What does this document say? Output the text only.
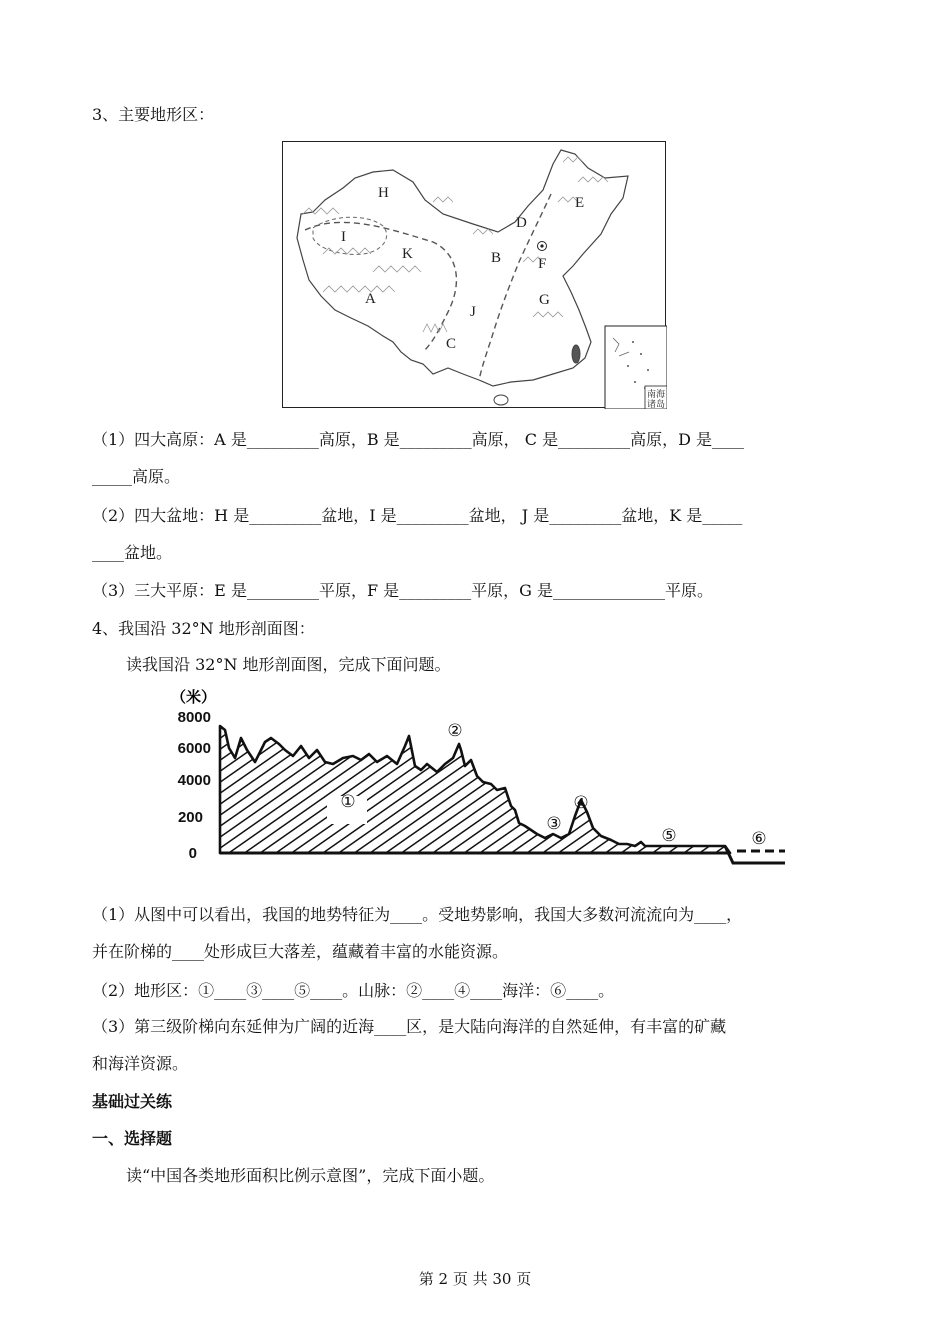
3、主要地形区：
A
B
C
D
E
F
G
H
I
J
K
南海
诸岛
（1）四大高原：A 是_________高原，B 是_________高原， C 是_________高原，D 是____
_____高原。
（2）四大盆地：H 是_________盆地，I 是_________盆地， J 是_________盆地，K 是_____
____盆地。
（3）三大平原：E 是_________平原，F 是_________平原，G 是______________平原。
4、我国沿 32°N 地形剖面图：
读我国沿 32°N 地形剖面图，完成下面问题。
（米）
8000
6000
4000
200
0
①
②
③
④
⑤	⑥
（1）从图中可以看出，我国的地势特征为____。受地势影响，我国大多数河流流向为____，
并在阶梯的____处形成巨大落差，蕴藏着丰富的水能资源。
（2）地形区：①____③____⑤____。山脉：②____④____海洋：⑥____。
（3）第三级阶梯向东延伸为广阔的近海____区，是大陆向海洋的自然延伸，有丰富的矿藏
和海洋资源。
基础过关练
一、选择题
读“中国各类地形面积比例示意图”，完成下面小题。
第 2 页 共 30 页
